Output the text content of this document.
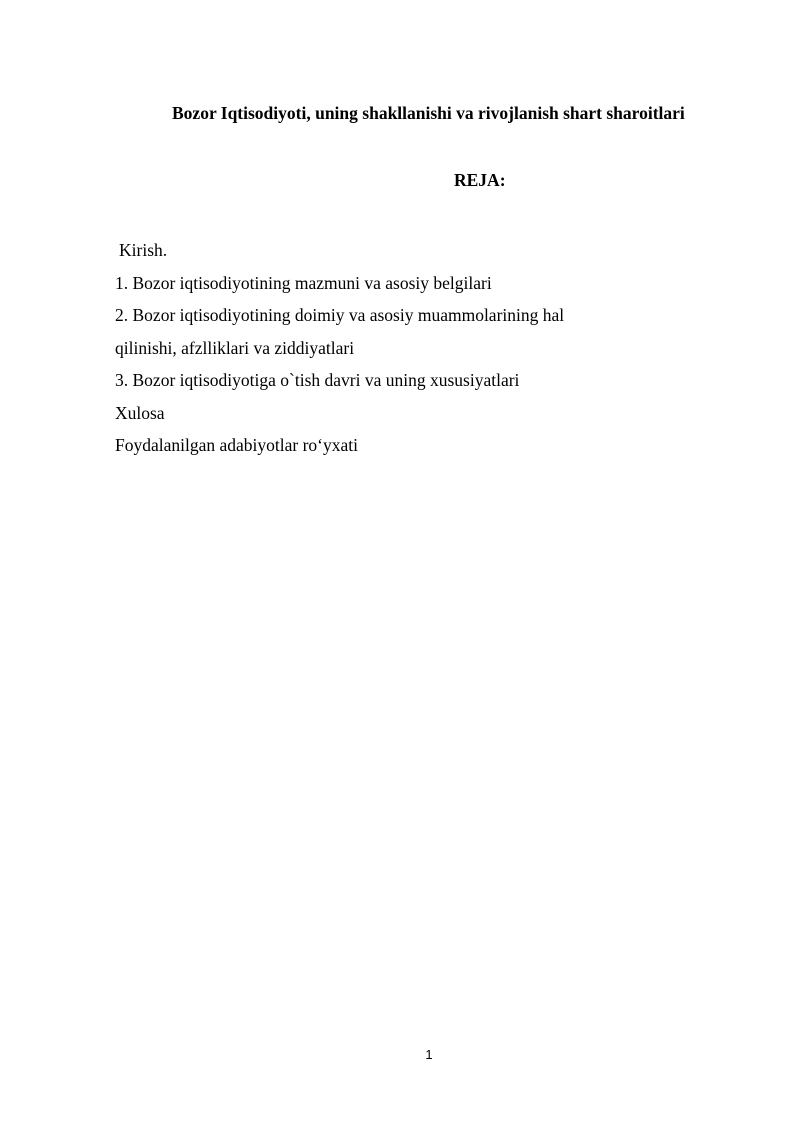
Bozor Iqtisodiyoti, uning shakllanishi va rivojlanish shart sharoitlari
REJA:
Kirish.
1. Bozor iqtisodiyotining mazmuni va asosiy belgilari
2. Bozor iqtisodiyotining doimiy va asosiy muammolarining hal
qilinishi, afzlliklari va ziddiyatlari
3. Bozor iqtisodiyotiga o`tish davri va uning xususiyatlari
Xulosa
Foydalanilgan adabiyotlar ro‘yxati
1
